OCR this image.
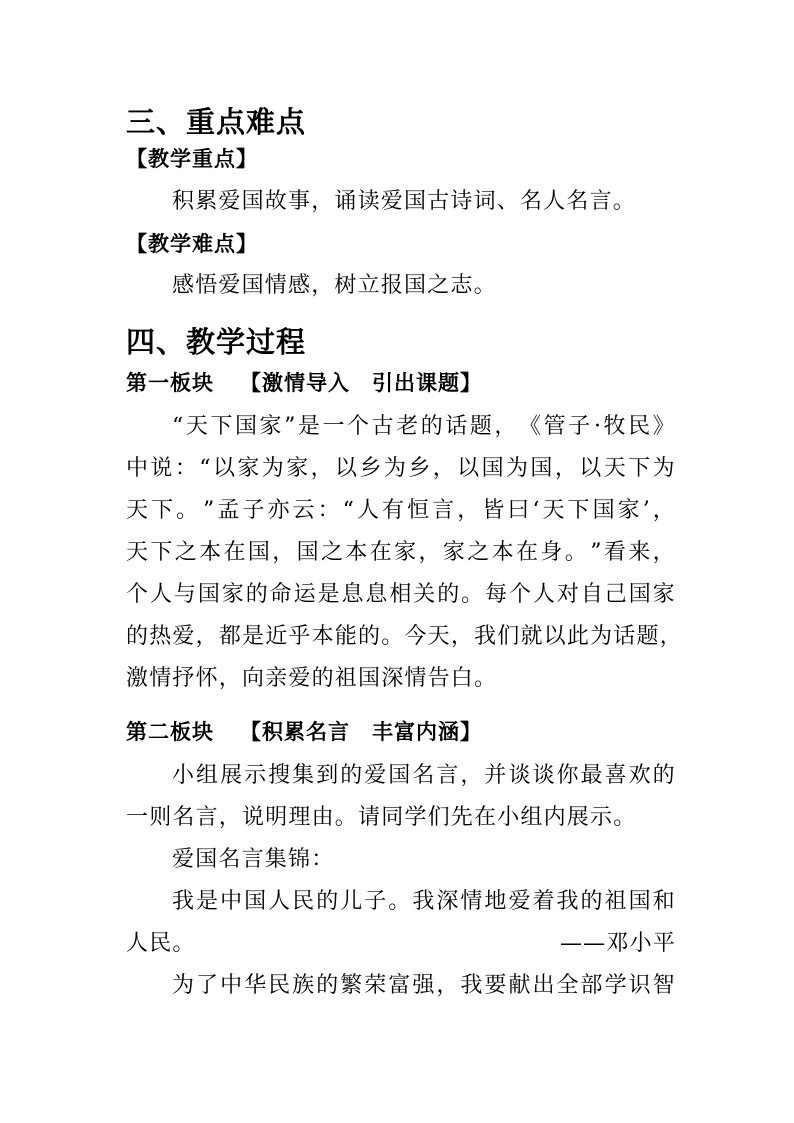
三、重点难点
【教学重点】
积累爱国故事，诵读爱国古诗词、名人名言。
【教学难点】
感悟爱国情感，树立报国之志。
四、教学过程
第一板块 【激情导入　引出课题】
“ 天 下 国 家 ” 是 一 个 古 老 的 话 题 ， 《 管 子 · 牧 民 》
中 说 ： “ 以 家 为 家 ， 以 乡 为 乡 ， 以 国 为 国 ， 以 天 下 为
天 下 。 ” 孟 子 亦 云 ： “ 人 有 恒 言 ， 皆 曰 ‘ 天 下 国 家 ’ ，
天 下 之 本 在 国 ， 国 之 本 在 家 ， 家 之 本 在 身 。 ” 看 来 ，
个 人 与 国 家 的 命 运 是 息 息 相 关 的 。 每 个 人 对 自 己 国 家
的 热 爱 ， 都 是 近 乎 本 能 的 。 今 天 ， 我 们 就 以 此 为 话 题 ，
激情抒怀，向亲爱的祖国深情告白。
第二板块 【积累名言　丰富内涵】
小 组 展 示 搜 集 到 的 爱 国 名 言 ， 并 谈 谈 你 最 喜 欢 的
一则名言，说明理由。请同学们先在小组内展示。
爱国名言集锦：
我 是 中 国 人 民 的 儿 子 。 我 深 情 地 爱 着 我 的 祖 国 和
人民。	——邓小平
为 了 中 华 民 族 的 繁 荣 富 强 ， 我 要 献 出 全 部 学 识 智
